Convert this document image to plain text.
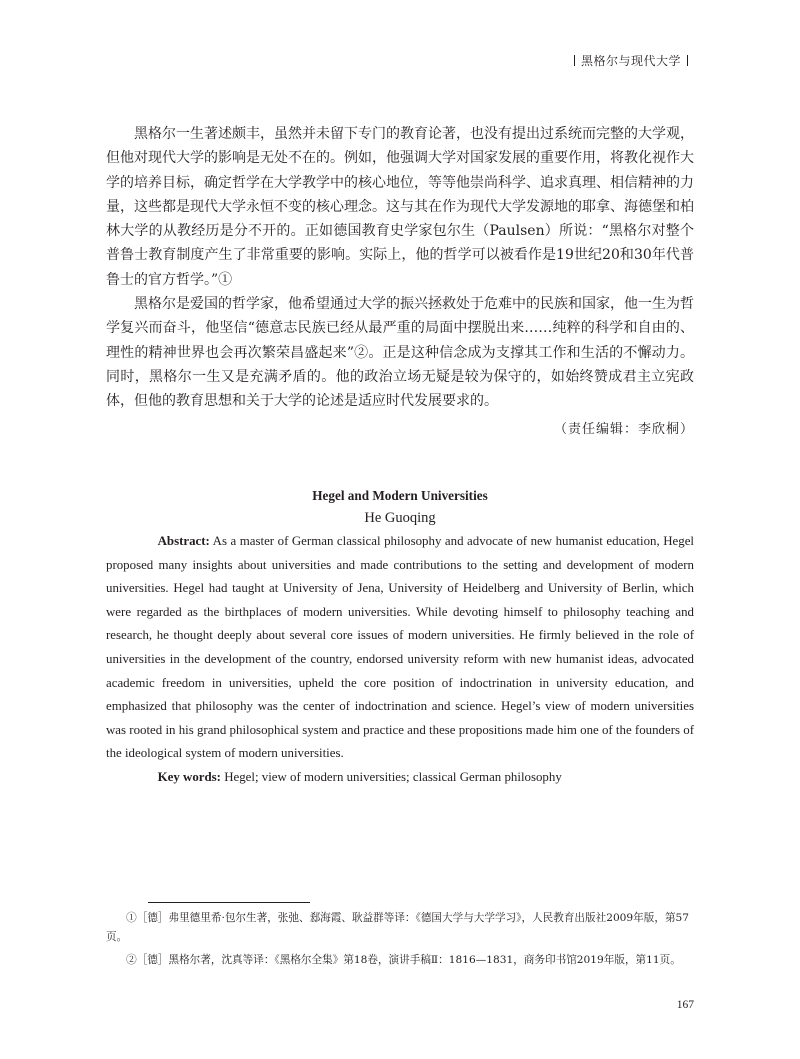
黑格尔与现代大学

黑格尔一生著述颇丰，虽然并未留下专门的教育论著，也没有提出过系统而完整的大学观，但他对现代大学的影响是无处不在的。例如，他强调大学对国家发展的重要作用，将教化视作大学的培养目标，确定哲学在大学教学中的核心地位，等等他崇尚科学、追求真理、相信精神的力量，这些都是现代大学永恒不变的核心理念。这与其在作为现代大学发源地的耶拿、海德堡和柏林大学的从教经历是分不开的。正如德国教育史学家包尔生（Paulsen）所说：“黑格尔对整个普鲁士教育制度产生了非常重要的影响。实际上，他的哲学可以被看作是19世纪20和30年代普鲁士的官方哲学。”①

黑格尔是爱国的哲学家，他希望通过大学的振兴拯救处于危难中的民族和国家，他一生为哲学复兴而奋斗，他坚信“德意志民族已经从最严重的局面中摆脱出来……纯粹的科学和自由的、理性的精神世界也会再次繁荣昌盛起来”②。正是这种信念成为支撑其工作和生活的不懈动力。同时，黑格尔一生又是充满矛盾的。他的政治立场无疑是较为保守的，如始终赞成君主立宪政体，但他的教育思想和关于大学的论述是适应时代发展要求的。

（责任编辑：李欣桐）

Hegel and Modern Universities

He Guoqing

Abstract: As a master of German classical philosophy and advocate of new humanist education, Hegel proposed many insights about universities and made contributions to the setting and development of modern universities. Hegel had taught at University of Jena, University of Heidelberg and University of Berlin, which were regarded as the birthplaces of modern universities. While devoting himself to philosophy teaching and research, he thought deeply about several core issues of modern universities. He firmly believed in the role of universities in the development of the country, endorsed university reform with new humanist ideas, advocated academic freedom in universities, upheld the core position of indoctrination in university education, and emphasized that philosophy was the center of indoctrination and science. Hegel’s view of modern universities was rooted in his grand philosophical system and practice and these propositions made him one of the founders of the ideological system of modern universities.

Key words: Hegel; view of modern universities; classical German philosophy

①［德］弗里德里希·包尔生著，张弛、郄海霞、耿益群等译：《德国大学与大学学习》，人民教育出版社2009年版，第57页。

②［德］黑格尔著，沈真等译：《黑格尔全集》第18卷，演讲手稿Ⅱ：1816—1831，商务印书馆2019年版，第11页。

167
